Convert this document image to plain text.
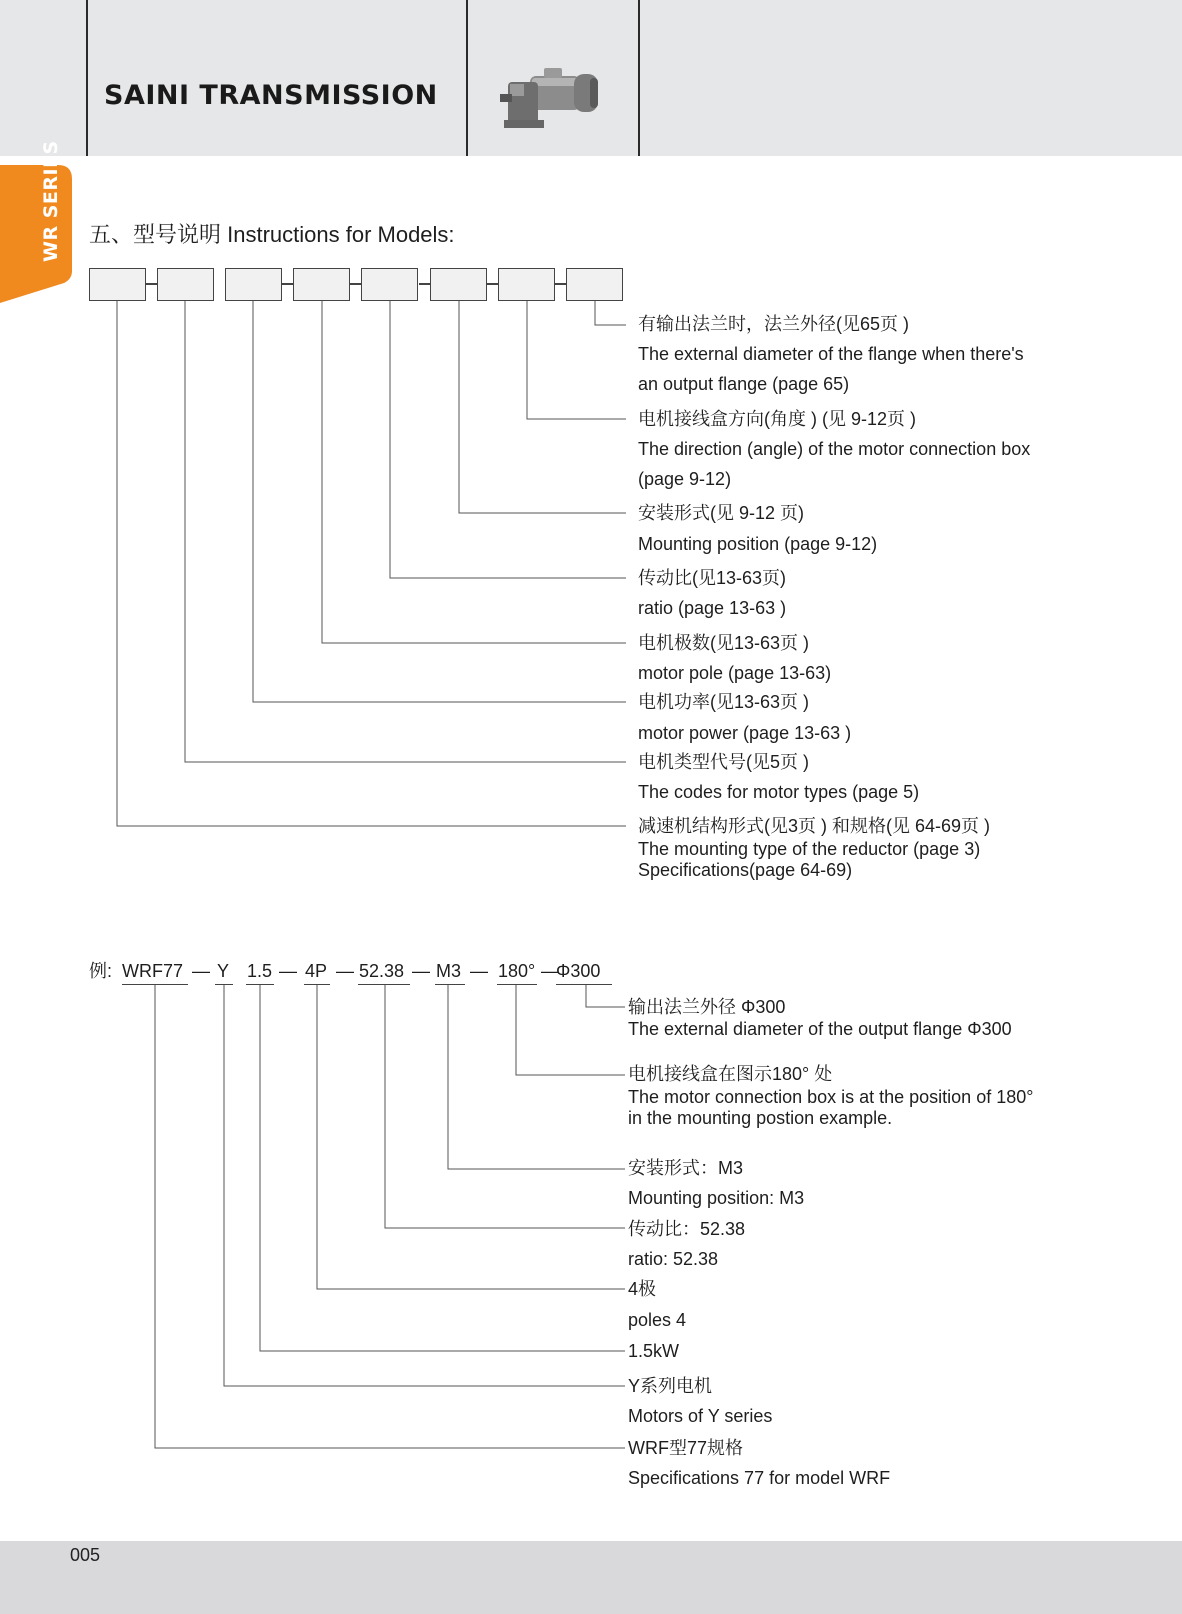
SAINI TRANSMISSION
WR SERIES 五、型号说明 Instructions for Models:
有输出法兰时，法兰外径(见65页 )
The external diameter of the flange when there's
an output flange (page 65)
电机接线盒方向(角度 ) (见 9-12页 )
The direction (angle) of the motor connection box
(page 9-12)
安装形式(见 9-12 页)
Mounting position (page 9-12)
传动比(见13-63页)
ratio (page 13-63 )
电机极数(见13-63页 )
motor pole (page 13-63)
电机功率(见13-63页 )
motor power (page 13-63 )
电机类型代号(见5页 )
The codes for motor types (page 5)
减速机结构形式(见3页 ) 和规格(见 64-69页 )
The mounting type of the reductor (page 3)
Specifications(page 64-69)
例: WRF77 — Y 1.5 — 4P — 52.38 — M3 — 180° —
Φ300
输出法兰外径 Φ300
The external diameter of the output flange Φ300
电机接线盒在图示180° 处
The motor connection box is at the position of 180°
in the mounting postion example.
安装形式：M3
Mounting position: M3
传动比：52.38
ratio: 52.38
4极
poles 4
1.5kW
Y系列电机
Motors of Y series
WRF型77规格
Specifications 77 for model WRF
005
